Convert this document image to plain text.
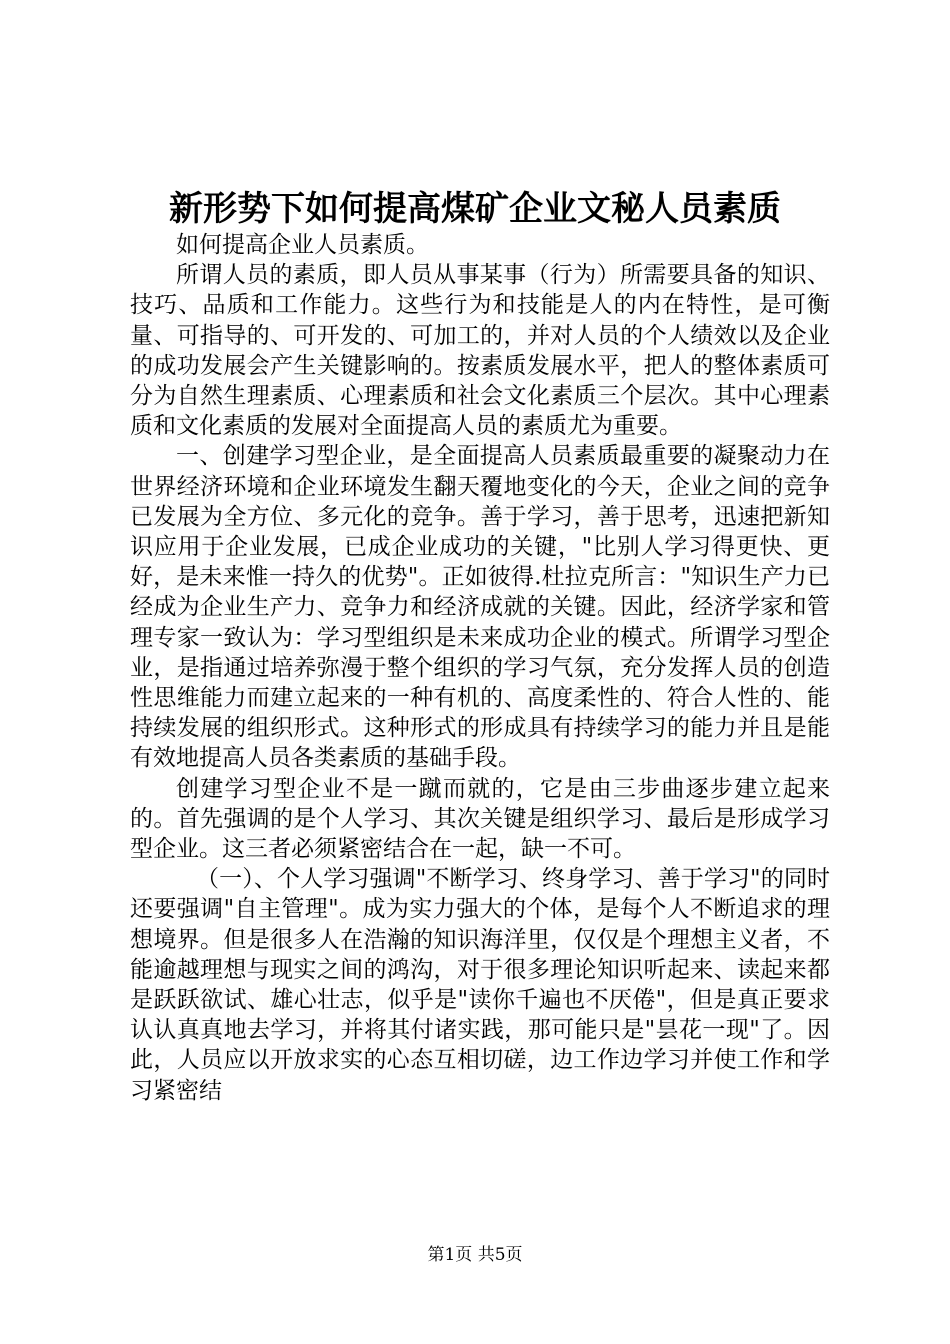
新形势下如何提高煤矿企业文秘人员素质

如何提高企业人员素质。

所谓人员的素质，即人员从事某事（行为）所需要具备的知识、技巧、品质和工作能力。这些行为和技能是人的内在特性，是可衡量、可指导的、可开发的、可加工的，并对人员的个人绩效以及企业的成功发展会产生关键影响的。按素质发展水平，把人的整体素质可分为自然生理素质、心理素质和社会文化素质三个层次。其中心理素质和文化素质的发展对全面提高人员的素质尤为重要。

一、创建学习型企业，是全面提高人员素质最重要的凝聚动力在世界经济环境和企业环境发生翻天覆地变化的今天，企业之间的竞争已发展为全方位、多元化的竞争。善于学习，善于思考，迅速把新知识应用于企业发展，已成企业成功的关键，"比别人学习得更快、更好，是未来惟一持久的优势"。正如彼得.杜拉克所言："知识生产力已经成为企业生产力、竞争力和经济成就的关键。因此，经济学家和管理专家一致认为：学习型组织是未来成功企业的模式。所谓学习型企业，是指通过培养弥漫于整个组织的学习气氛，充分发挥人员的创造性思维能力而建立起来的一种有机的、高度柔性的、符合人性的、能持续发展的组织形式。这种形式的形成具有持续学习的能力并且是能有效地提高人员各类素质的基础手段。

创建学习型企业不是一蹴而就的，它是由三步曲逐步建立起来的。首先强调的是个人学习、其次关键是组织学习、最后是形成学习型企业。这三者必须紧密结合在一起，缺一不可。

（一）、个人学习强调"不断学习、终身学习、善于学习"的同时还要强调"自主管理"。成为实力强大的个体，是每个人不断追求的理想境界。但是很多人在浩瀚的知识海洋里，仅仅是个理想主义者，不能逾越理想与现实之间的鸿沟，对于很多理论知识听起来、读起来都是跃跃欲试、雄心壮志，似乎是"读你千遍也不厌倦"，但是真正要求认认真真地去学习，并将其付诸实践，那可能只是"昙花一现"了。因此，人员应以开放求实的心态互相切磋，边工作边学习并使工作和学习紧密结

第1页 共5页
